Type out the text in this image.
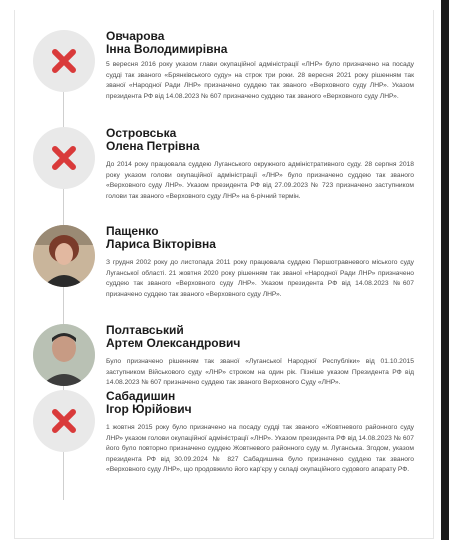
Овчарова
Інна Володимирівна
5 вересня 2016 року указом глави окупаційної адміністрації «ЛНР» було призначено на посаду судді так званого «Брянківського суду» на строк три роки. 28 вересня 2021 року рішенням так званої «Народної Ради ЛНР» призначено суддею так званого «Верховного суду ЛНР». Указом президента РФ від 14.08.2023 № 607 призначено суддею так званого «Верховного суду ЛНР».
Островська
Олена Петрівна
До 2014 року працювала суддею Луганського окружного адміністративного суду. 28 серпня 2018 року указом голови окупаційної адміністрації «ЛНР» було призначено суддею так званого «Верховного суду ЛНР». Указом президента РФ від 27.09.2023 № 723 призначено заступником голови так званого «Верховного суду ЛНР» на 6-річний термін.
Пащенко
Лариса Вікторівна
З грудня 2002 року до листопада 2011 року працювала суддею Першотравневого міського суду Луганської області. 21 жовтня 2020 року рішенням так званої «Народної Ради ЛНР» призначено суддею так званого «Верховного суду ЛНР». Указом президента РФ від 14.08.2023 №607 призначено суддею так званого «Верховного суду ЛНР».
Полтавський
Артем Олександрович
Було призначено рішенням так званої «Луганської Народної Республіки» від 01.10.2015 заступником Військового суду «ЛНР» строком на один рік. Пізніше указом Президента РФ від 14.08.2023 № 607 призначено суддею так званого Верховного Суду «ЛНР».
Сабадишин
Ігор Юрійович
1 жовтня 2015 року було призначено на посаду судді так званого «Жовтневого районного суду ЛНР» указом голови окупаційної адміністрації «ЛНР». Указом президента РФ від 14.08.2023 № 607 його було повторно призначено суддею Жовтневого районного суду м. Луганська. Згодом, указом президента РФ від 30.09.2024 № 827 Сабадишина було призначено суддею так званого «Верховного суду ЛНР», що продовжило його кар'єру у складі окупаційного судового апарату РФ.
